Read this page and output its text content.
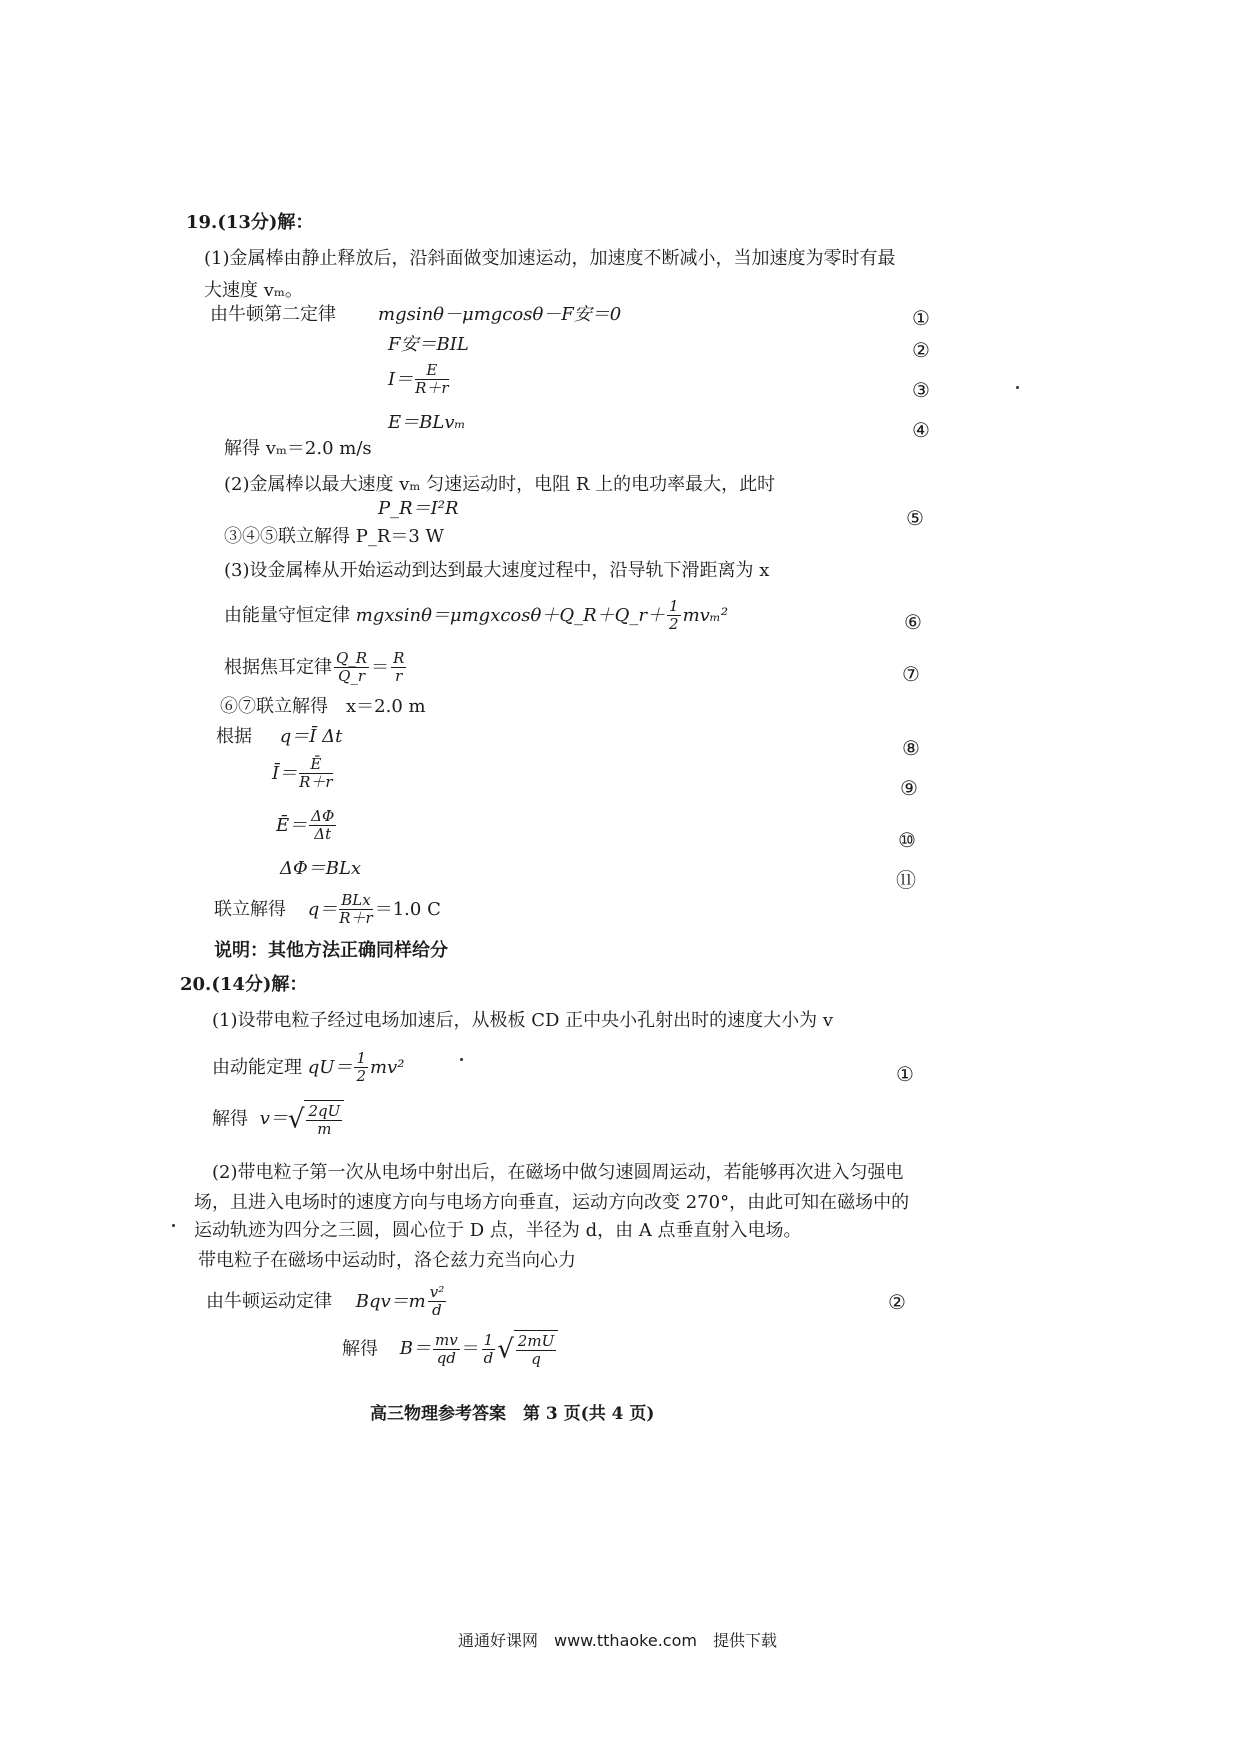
19.(13分)解：
(1)金属棒由静止释放后，沿斜面做变加速运动，加速度不断减小，当加速度为零时有最
大速度 vₘ。
由牛顿第二定律 mgsinθ－μmgcosθ－F安＝0	①
F安＝BIL	②
$I= \frac{E}{R+r}$	③
E＝BLvₘ	④
解得 vₘ＝2.0 m/s
(2)金属棒以最大速度 vₘ 匀速运动时，电阻 R 上的电功率最大，此时
P_R＝I²R	⑤
③④⑤联立解得 P_R＝3 W
(3)设金属棒从开始运动到达到最大速度过程中，沿导轨下滑距离为 x
由能量守恒定律 mgxsinθ＝μmgxcosθ＋Q_R＋Q_r＋ $\frac{1}{2} mv_m^2$	⑥
根据焦耳定律 $\frac{Q\_R}{Q\_r} = \frac{R}{r}$	⑦
⑥⑦联立解得　x＝2.0 m
根据 q＝Ī Δt	⑧
Ī＝ $\frac{Ē}{R+r}$	⑨
Ē＝ $\frac{\Delta\Phi}{\Delta t}$	⑩
ΔΦ＝BLx	⑪
联立解得 $q= \frac{\text{BLx}}{R+r} =1.0$ C
说明：其他方法正确同样给分
20.(14分)解：
(1)设带电粒子经过电场加速后，从极板 CD 正中央小孔射出时的速度大小为 v
由动能定理 $qU= \frac{1}{2} mv^2$	①
解得 $v=√ \frac{2qU}{m}$
(2)带电粒子第一次从电场中射出后，在磁场中做匀速圆周运动，若能够再次进入匀强电
场，且进入电场时的速度方向与电场方向垂直，运动方向改变 270°，由此可知在磁场中的
运动轨迹为四分之三圆，圆心位于 D 点，半径为 d，由 A 点垂直射入电场。
带电粒子在磁场中运动时，洛仑兹力充当向心力
由牛顿运动定律 $Bqv=m \frac{\text{v²}}{d}$	②
解得 $B= \frac{mv}{qd} = \frac{1}{d}$ √ $\frac{2mU}{q}$
高三物理参考答案　第 3 页(共 4 页)
通通好课网　www.tthaoke.com　提供下载
